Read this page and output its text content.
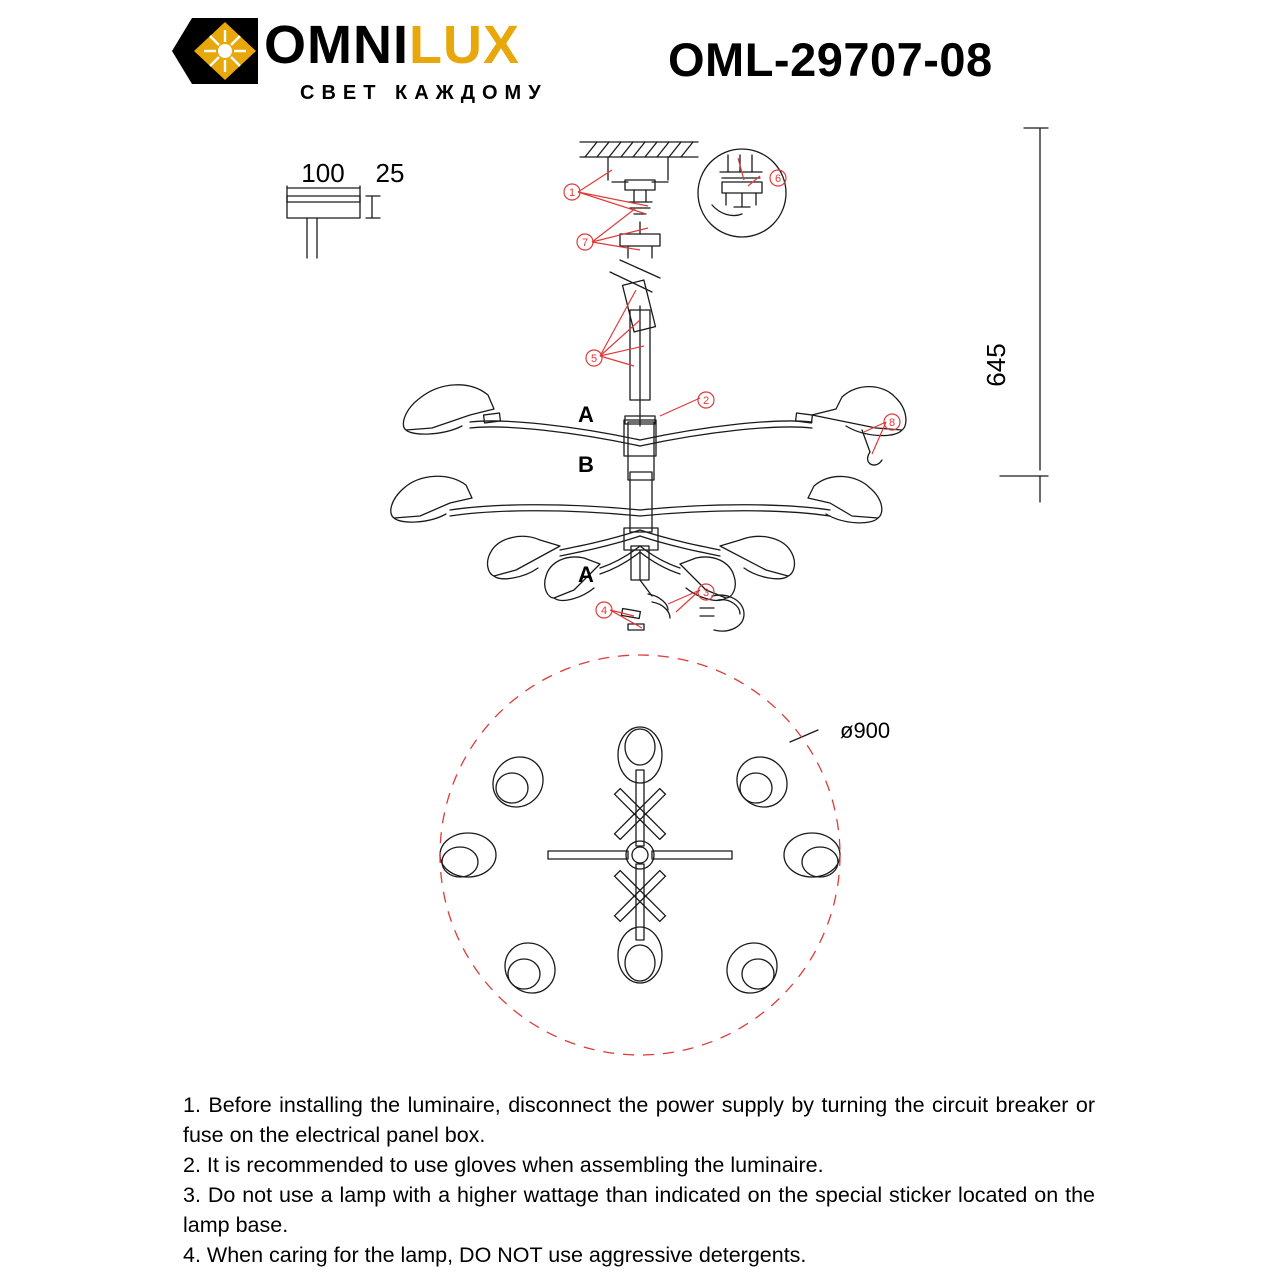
OMNILUX
СВЕТ КАЖДОМУ
OML-29707-08
1
2
3
4
5
6
7
8
100 25
645
ø900
A
B
A

1. Before installing the luminaire, disconnect the power supply by turning the circuit breaker or fuse on the electrical panel box.

2. It is recommended to use gloves when assembling the luminaire.

3. Do not use a lamp with a higher wattage than indicated on the special sticker located on the lamp base.

4. When caring for the lamp, DO NOT use aggressive detergents.
